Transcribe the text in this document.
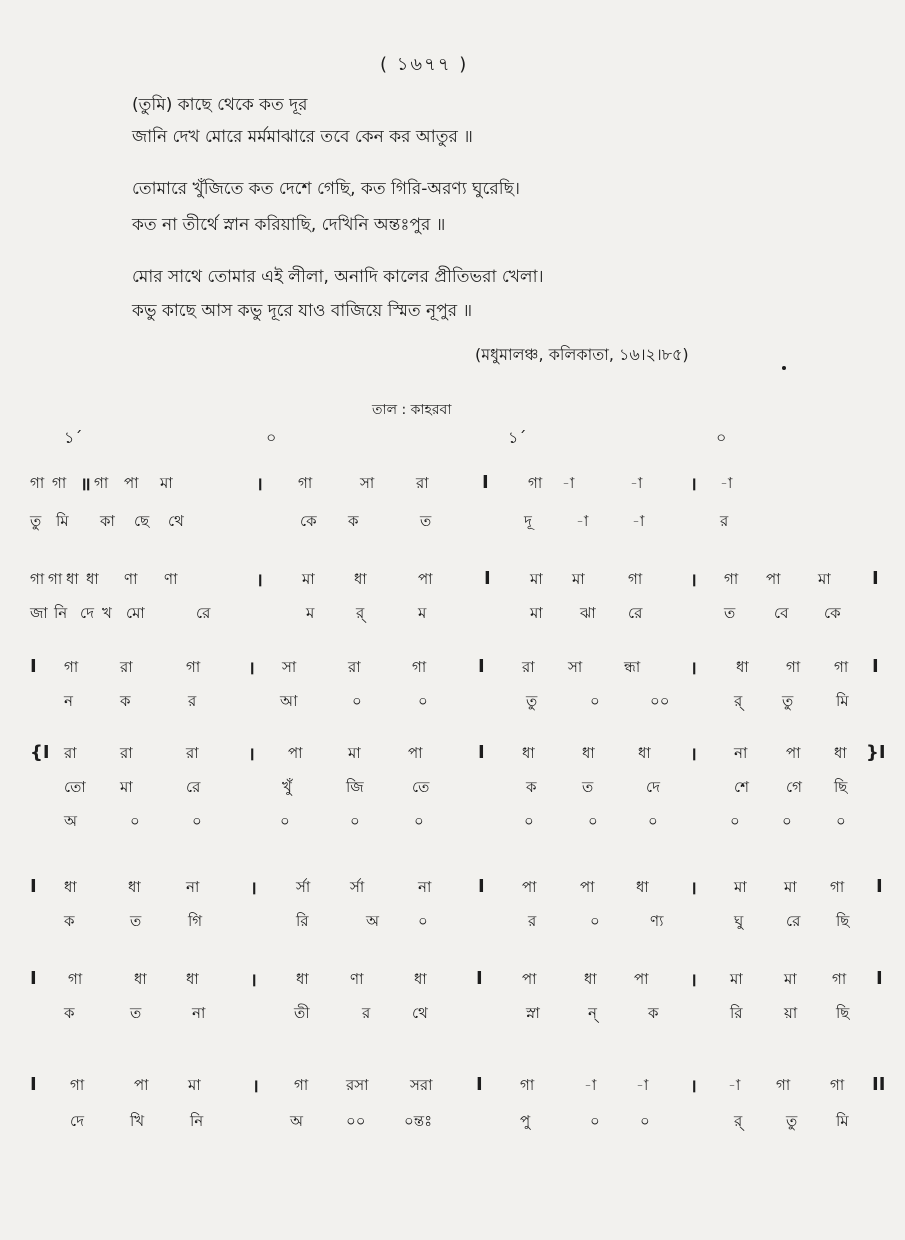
( ১৬৭৭ )
(তুমি) কাছে থেকে কত দূর
জানি দেখ মোরে মর্মমাঝারে তবে কেন কর আতুর ॥
তোমারে খুঁজিতে কত দেশে গেছি, কত গিরি-অরণ্য ঘুরেছি।
কত না তীর্থে স্নান করিয়াছি, দেখিনি অন্তঃপুর ॥
মোর সাথে তোমার এই লীলা, অনাদি কালের প্রীতিভরা খেলা।
কভু কাছে আস কভু দূরে যাও বাজিয়ে স্মিত নূপুর ॥
(মধুমালঞ্চ, কলিকাতা, ১৬।২।৮৫)
তাল : কাহরবা
১´	০	১´	০
গা গা ॥ গা পা মা	। গা	সা	রা	I	গা -া	-া	। -া
তু মি কা ছে থে	কে ক	ত	দূ	-া	-া	র
গা গা ধা ধা ণা ণা	।	মা	ধা	পা	I	মা মা	গা	। গা পা মা I
জা নি দে খ মো	রে	ম	র্	ম	মা ঝা রে	ত	বে কে
I গা	রা	গা	। সা	রা	গা	I রা সা	ন্ধা	।	ধা গা গা I
ন	ক	র	আ	০	০	তু	০	০০	র্	তু	মি
{I রা	রা	রা	। পা	মা	পা	I ধা	ধা	ধা । না	পা ধা }I
তো মা	রে	খুঁ	জি	তে	ক	ত	দে	শে গে ছি
অ	০	০	০	০	০	০	০	০	০	০	০
I ধা	ধা	না	।	র্সা	র্সা	না	I পা	পা	ধা । মা মা গা I
ক	ত	গি	রি	অ	০	র	০	ণ্য	ঘু	রে ছি
I গা	ধা	ধা	।	ধা	ণা	ধা	I	পা	ধা পা । মা	মা গা I
ক	ত	না	তী	র	থে	স্না	ন্	ক	রি	য়া	ছি
I গা	পা	মা	। গা	রসা	সরা I গা	-া	-া । -া গা	গা II
দে	খি	নি	অ	০০	০ন্তঃ	পু	০	০	র্	তু	মি
